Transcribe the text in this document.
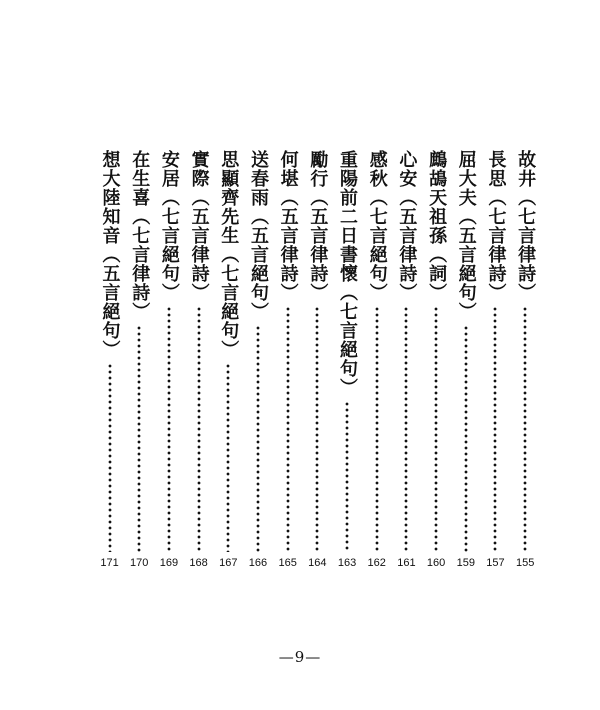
故井（七言律詩）
155
長思（七言律詩）
157
屈大夫（五言絕句）
159
鷓鴣天祖孫（詞）
160
心安（五言律詩）
161
感秋（七言絕句）
162
重陽前二日書懷（七言絕句）
163
勵行（五言律詩）
164
何堪（五言律詩）
165
送春雨（五言絕句）
166
思顯齊先生（七言絕句）
167
實際（五言律詩）
168
安居（七言絕句）
169
在生喜（七言律詩）
170
想大陸知音（五言絕句）
171
—9—
